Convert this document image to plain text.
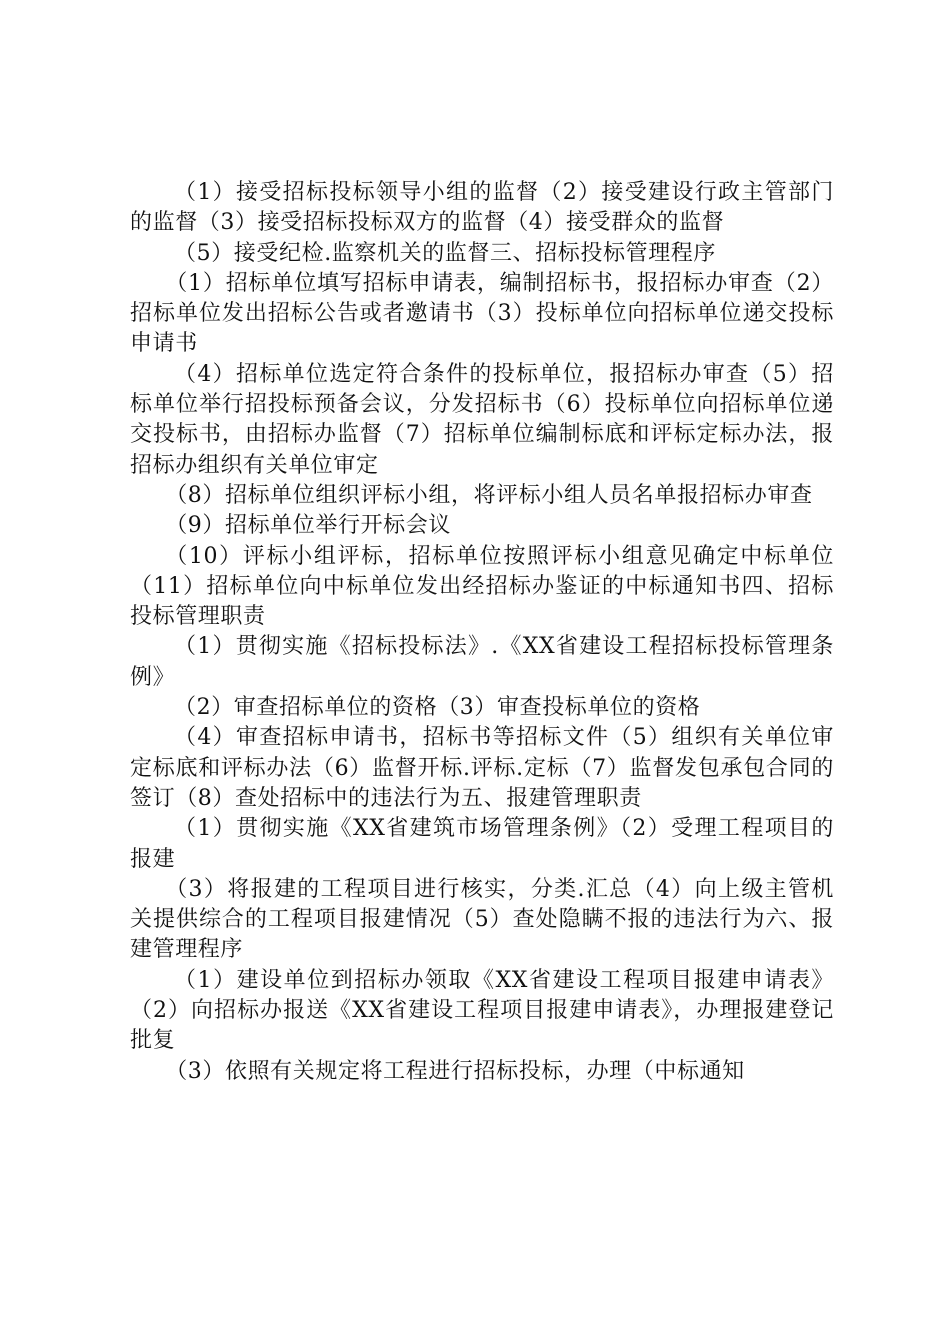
（1）接受招标投标领导小组的监督（2）接受建设行政主管部门的监督（3）接受招标投标双方的监督（4）接受群众的监督

（5）接受纪检.监察机关的监督三、招标投标管理程序

（1）招标单位填写招标申请表，编制招标书，报招标办审查（2）招标单位发出招标公告或者邀请书（3）投标单位向招标单位递交投标申请书

（4）招标单位选定符合条件的投标单位，报招标办审查（5）招标单位举行招投标预备会议，分发招标书（6）投标单位向招标单位递交投标书，由招标办监督（7）招标单位编制标底和评标定标办法，报招标办组织有关单位审定

（8）招标单位组织评标小组，将评标小组人员名单报招标办审查

（9）招标单位举行开标会议

（10）评标小组评标，招标单位按照评标小组意见确定中标单位（11）招标单位向中标单位发出经招标办鉴证的中标通知书四、招标投标管理职责

（1）贯彻实施《招标投标法》.《XX省建设工程招标投标管理条例》

（2）审查招标单位的资格（3）审查投标单位的资格

（4）审查招标申请书，招标书等招标文件（5）组织有关单位审定标底和评标办法（6）监督开标.评标.定标（7）监督发包承包合同的签订（8）查处招标中的违法行为五、报建管理职责

（1）贯彻实施《XX省建筑市场管理条例》（2）受理工程项目的报建

（3）将报建的工程项目进行核实，分类.汇总（4）向上级主管机关提供综合的工程项目报建情况（5）查处隐瞒不报的违法行为六、报建管理程序

（1）建设单位到招标办领取《XX省建设工程项目报建申请表》（2）向招标办报送《XX省建设工程项目报建申请表》，办理报建登记批复

（3）依照有关规定将工程进行招标投标，办理（中标通知
